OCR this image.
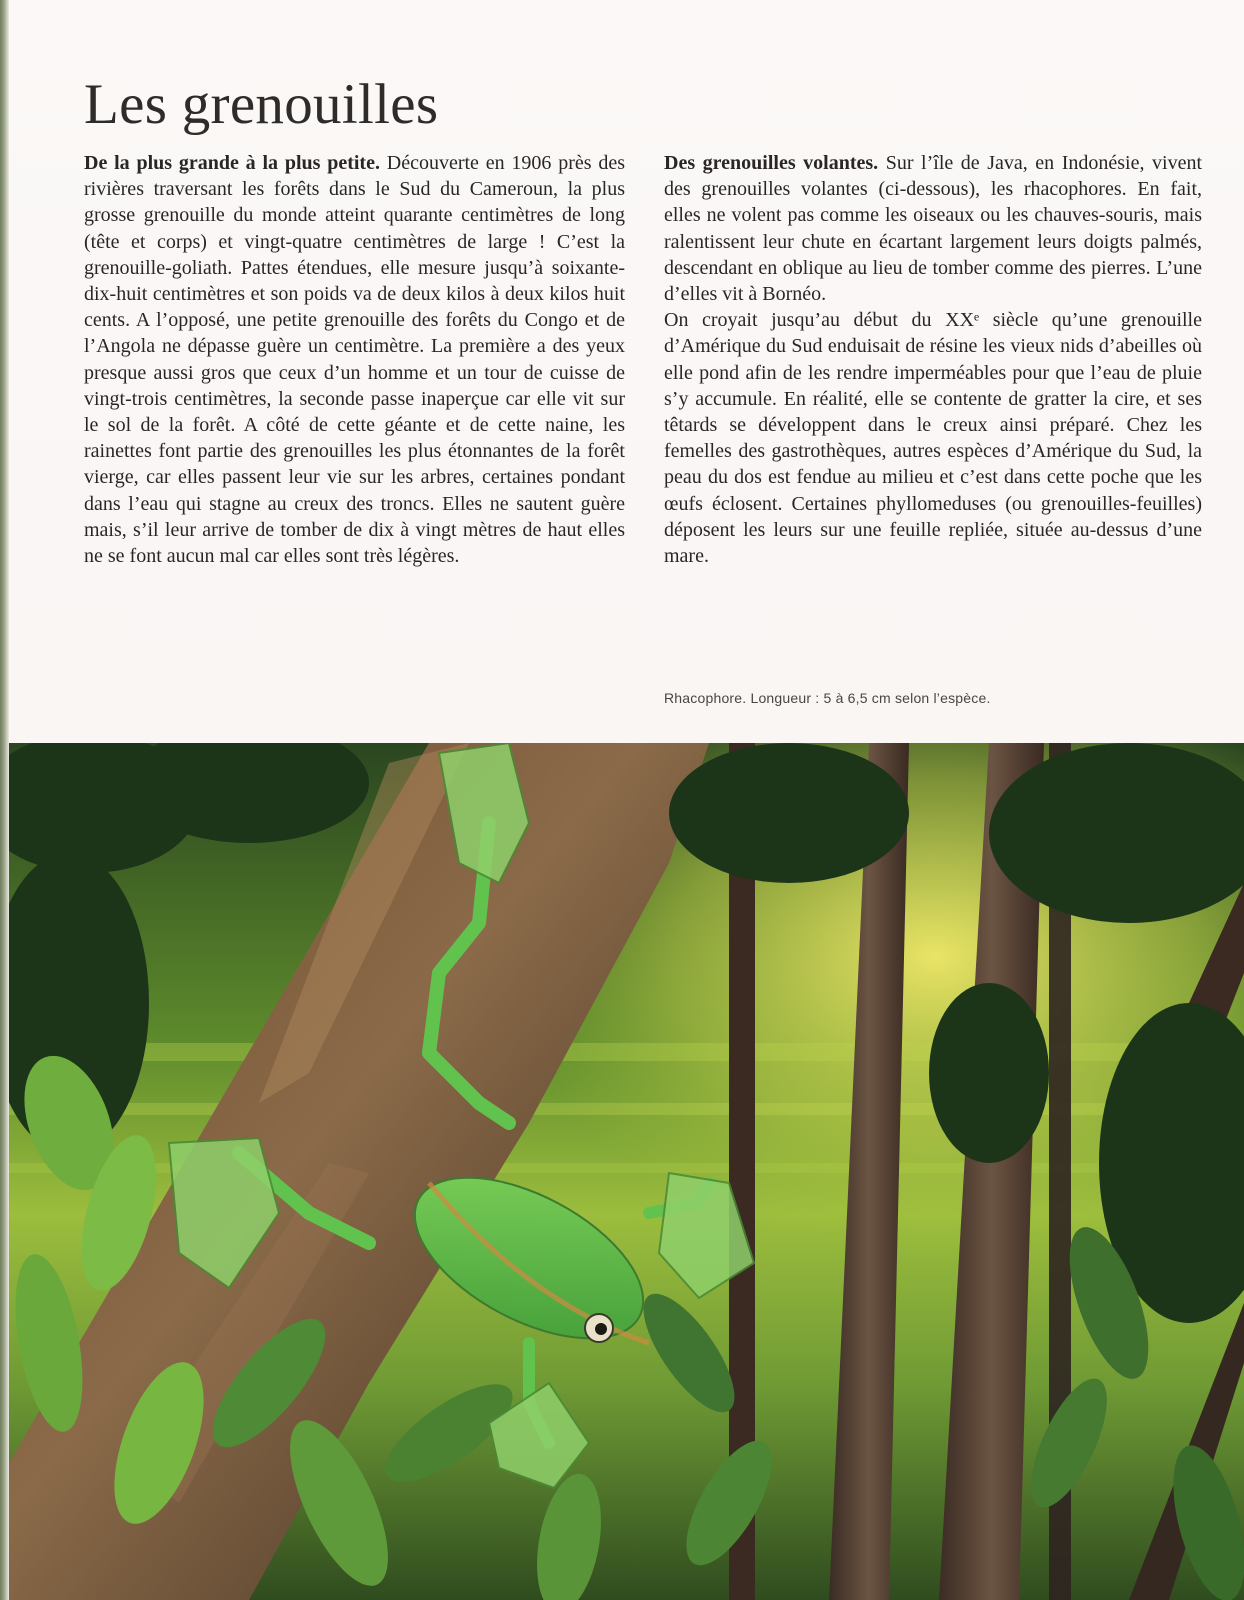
Les grenouilles

De la plus grande à la plus petite. Découverte en 1906 près des rivières traversant les forêts dans le Sud du Cameroun, la plus grosse grenouille du monde atteint quarante centimètres de long (tête et corps) et vingt-quatre centimètres de large ! C’est la grenouille-goliath. Pattes étendues, elle mesure jusqu’à soixante-dix-huit centimètres et son poids va de deux kilos à deux kilos huit cents. A l’opposé, une petite grenouille des forêts du Congo et de l’Angola ne dépasse guère un centimètre. La première a des yeux presque aussi gros que ceux d’un homme et un tour de cuisse de vingt-trois centimètres, la seconde passe inaperçue car elle vit sur le sol de la forêt. A côté de cette géante et de cette naine, les rainettes font partie des grenouilles les plus étonnantes de la forêt vierge, car elles passent leur vie sur les arbres, certaines pondant dans l’eau qui stagne au creux des troncs. Elles ne sautent guère mais, s’il leur arrive de tomber de dix à vingt mètres de haut elles ne se font aucun mal car elles sont très légères.

Des grenouilles volantes. Sur l’île de Java, en Indonésie, vivent des grenouilles volantes (ci-dessous), les rhacophores. En fait, elles ne volent pas comme les oiseaux ou les chauves-souris, mais ralentissent leur chute en écartant largement leurs doigts palmés, descendant en oblique au lieu de tomber comme des pierres. L’une d’elles vit à Bornéo.

On croyait jusqu’au début du XXᵉ siècle qu’une grenouille d’Amérique du Sud enduisait de résine les vieux nids d’abeilles où elle pond afin de les rendre imperméables pour que l’eau de pluie s’y accumule. En réalité, elle se contente de gratter la cire, et ses têtards se développent dans le creux ainsi préparé. Chez les femelles des gastrothèques, autres espèces d’Amérique du Sud, la peau du dos est fendue au milieu et c’est dans cette poche que les œufs éclosent. Certaines phyllomeduses (ou grenouilles-feuilles) déposent les leurs sur une feuille repliée, située au-dessus d’une mare.

Rhacophore. Longueur : 5 à 6,5 cm selon l’espèce.
